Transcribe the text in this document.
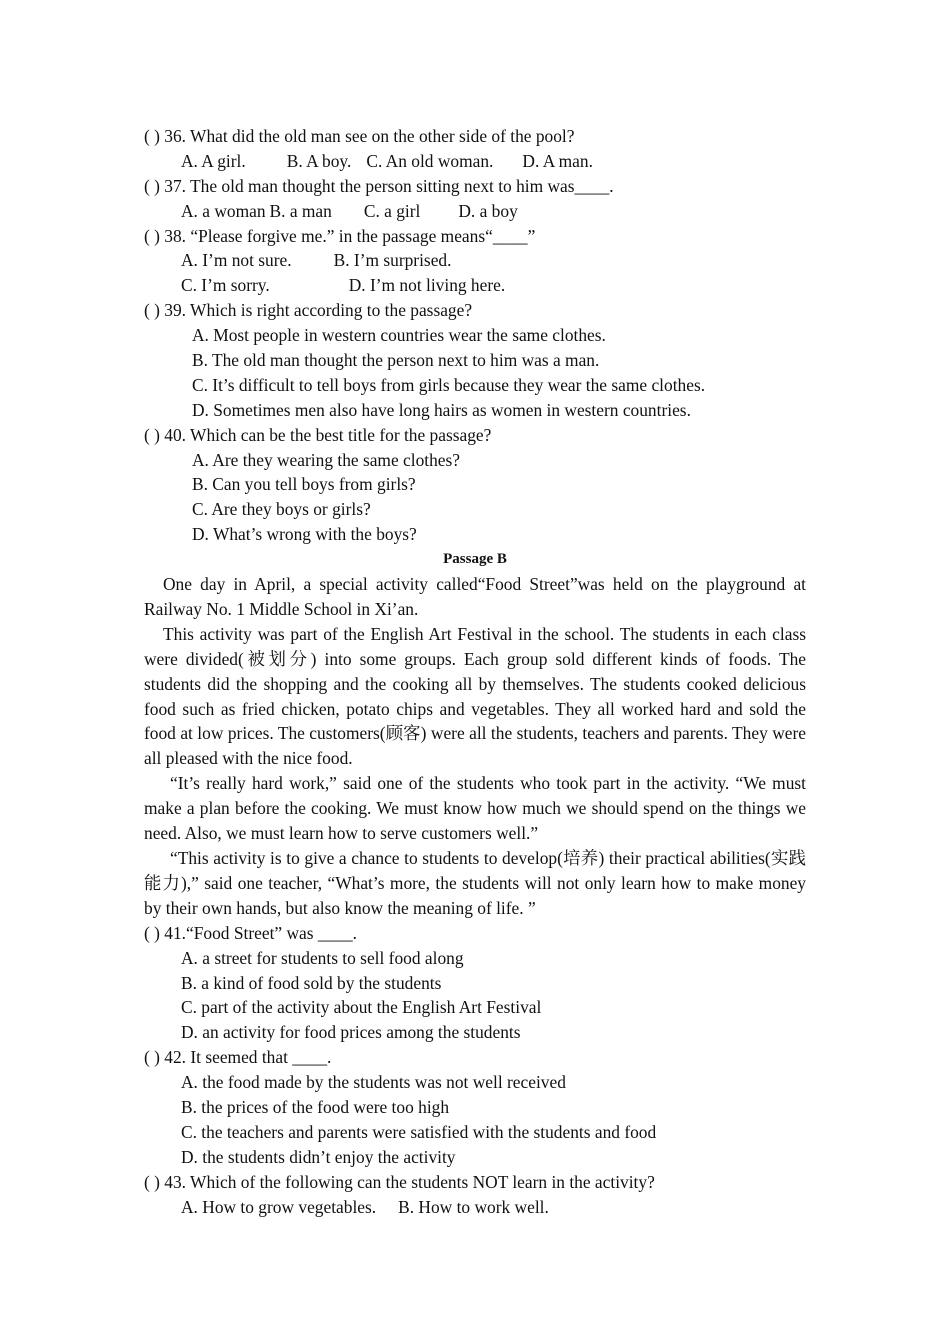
( ) 36. What did the old man see on the other side of the pool?
A. A girl. B. A boy. C. An old woman. D. A man.
( ) 37. The old man thought the person sitting next to him was____.
A. a woman B. a man C. a girl D. a boy
( ) 38. “Please forgive me.” in the passage means“____”
A. I’m not sure. B. I’m surprised.
C. I’m sorry.	D. I’m not living here.
( ) 39. Which is right according to the passage?
A. Most people in western countries wear the same clothes.
B. The old man thought the person next to him was a man.
C. It’s difficult to tell boys from girls because they wear the same clothes.
D. Sometimes men also have long hairs as women in western countries.
( ) 40. Which can be the best title for the passage?
A. Are they wearing the same clothes?
B. Can you tell boys from girls?
C. Are they boys or girls?
D. What’s wrong with the boys?
Passage B
One day in April, a special activity called“Food Street”was held on the playground at Railway No. 1 Middle School in Xi’an.
This activity was part of the English Art Festival in the school. The students in each class were divided(被划分) into some groups. Each group sold different kinds of foods. The students did the shopping and the cooking all by themselves. The students cooked delicious food such as fried chicken, potato chips and vegetables. They all worked hard and sold the food at low prices. The customers(顾客) were all the students, teachers and parents. They were all pleased with the nice food.
“It’s really hard work,” said one of the students who took part in the activity. “We must make a plan before the cooking. We must know how much we should spend on the things we need. Also, we must learn how to serve customers well.”
“This activity is to give a chance to students to develop(培养) their practical abilities(实践能力),” said one teacher, “What’s more, the students will not only learn how to make money by their own hands, but also know the meaning of life. ”
( ) 41.“Food Street” was ____.
A. a street for students to sell food along
B. a kind of food sold by the students
C. part of the activity about the English Art Festival
D. an activity for food prices among the students
( ) 42. It seemed that ____.
A. the food made by the students was not well received
B. the prices of the food were too high
C. the teachers and parents were satisfied with the students and food
D. the students didn’t enjoy the activity
( ) 43. Which of the following can the students NOT learn in the activity?
A. How to grow vegetables. B. How to work well.
